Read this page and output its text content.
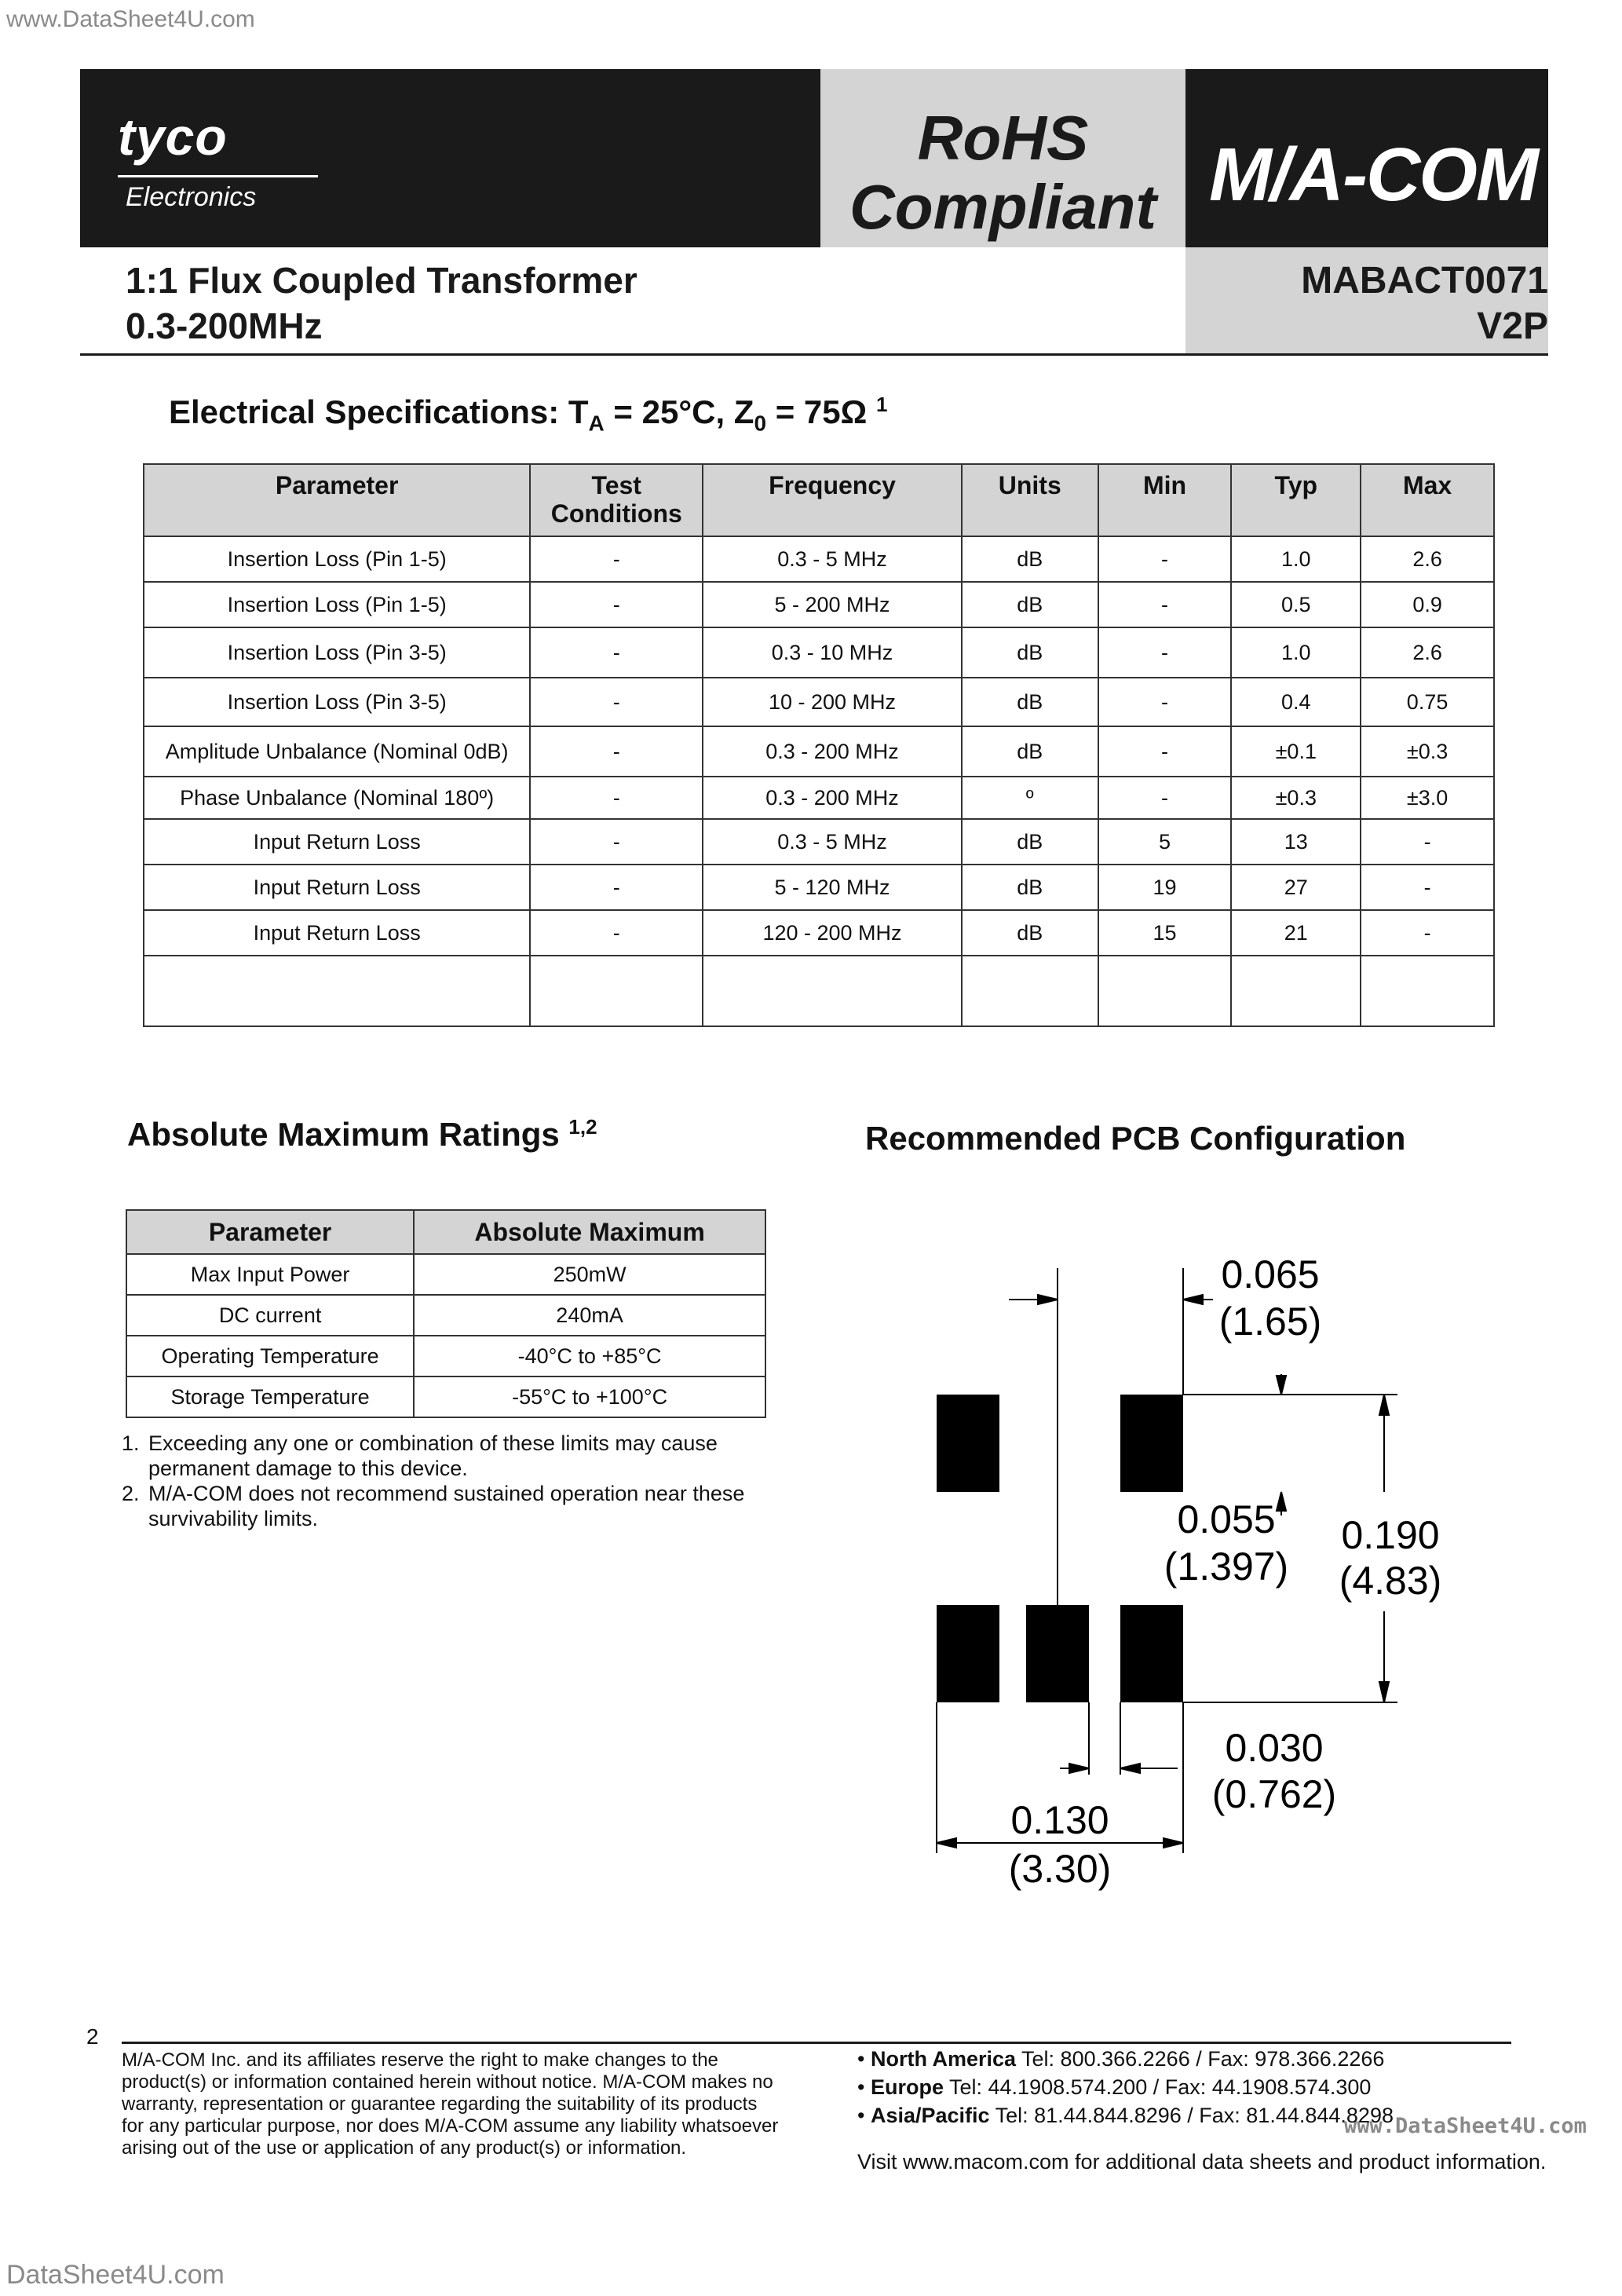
www.DataSheet4U.com
www.DataSheet4U.com
DataSheet4U.com
tyco
Electronics
RoHS
Compliant M/A-COM
1:1 Flux Coupled Transformer
0.3-200MHz
MABACT0071
V2P
Electrical Specifications: $T_A = 25^\circ C$, $Z_0 = 75\Omega$ $^1$
Parameter	Test Conditions	Frequency	Units	Min	Typ	Max
Insertion Loss (Pin 1-5)	-	0.3 - 5 MHz	dB	-	1.0	2.6
Insertion Loss (Pin 1-5)	-	5 - 200 MHz	dB	-	0.5	0.9
Insertion Loss (Pin 3-5)	-	0.3 - 10 MHz	dB	-	1.0	2.6
Insertion Loss (Pin 3-5)	-	10 - 200 MHz	dB	-	0.4	0.75
Amplitude Unbalance (Nominal 0dB)	-	0.3 - 200 MHz	dB	-	±0.1	±0.3
Phase Unbalance (Nominal 180º)	-	0.3 - 200 MHz	º	-	±0.3	±3.0
Input Return Loss	-	0.3 - 5 MHz	dB	5	13	-
Input Return Loss	-	5 - 120 MHz	dB	19	27	-
Input Return Loss	-	120 - 200 MHz	dB	15	21	-

Absolute Maximum Ratings $^{1,2}$
Parameter	Absolute Maximum
Max Input Power	250mW
DC current	240mA
Operating Temperature	-40°C to +85°C
Storage Temperature	-55°C to +100°C
1. Exceeding any one or combination of these limits may cause permanent damage to this device.
2. M/A-COM does not recommend sustained operation near these survivability limits.
Recommended PCB Configuration
0.065
(1.65)
0.055
(1.397)
0.190
(4.83)
0.030
(0.762)
0.130
(3.30)
2
M/A-COM Inc. and its affiliates reserve the right to make changes to the product(s) or information contained herein without notice. M/A-COM makes no warranty, representation or guarantee regarding the suitability of its products for any particular purpose, nor does M/A-COM assume any liability whatsoever arising out of the use or application of any product(s) or information.
• North America Tel: 800.366.2266 / Fax: 978.366.2266
• Europe Tel: 44.1908.574.200 / Fax: 44.1908.574.300
• Asia/Pacific Tel: 81.44.844.8296 / Fax: 81.44.844.8298
Visit www.macom.com for additional data sheets and product information.
